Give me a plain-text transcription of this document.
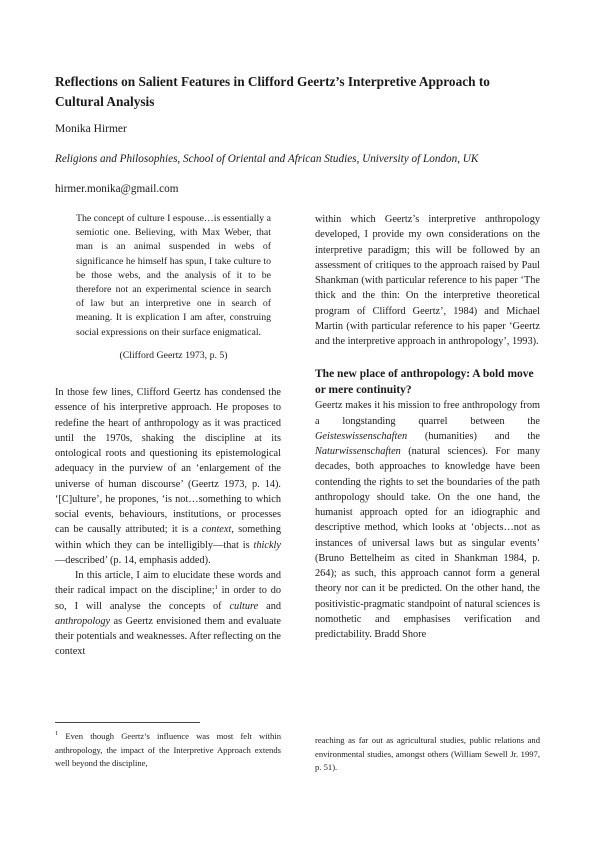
Reflections on Salient Features in Clifford Geertz’s Interpretive Approach to Cultural Analysis
Monika Hirmer
Religions and Philosophies, School of Oriental and African Studies, University of London, UK
hirmer.monika@gmail.com

The concept of culture I espouse…is essentially a semiotic one. Believing, with Max Weber, that man is an animal suspended in webs of significance he himself has spun, I take culture to be those webs, and the analysis of it to be therefore not an experimental science in search of law but an interpretive one in search of meaning. It is explication I am after, construing social expressions on their surface enigmatical.

(Clifford Geertz 1973, p. 5)

In those few lines, Clifford Geertz has condensed the essence of his interpretive approach. He proposes to redefine the heart of anthropology as it was practiced until the 1970s, shaking the discipline at its ontological roots and questioning its epistemological adequacy in the purview of an ‘enlargement of the universe of human discourse’ (Geertz 1973, p. 14). ‘[C]ulture’, he propones, ‘is not…something to which social events, behaviours, institutions, or processes can be causally attributed; it is a context, something within which they can be intelligibly—that is thickly—described’ (p. 14, emphasis added).

In this article, I aim to elucidate these words and their radical impact on the discipline;$^1$ in order to do so, I will analyse the concepts of culture and anthropology as Geertz envisioned them and evaluate their potentials and weaknesses. After reflecting on the context

within which Geertz’s interpretive anthropology developed, I provide my own considerations on the interpretive paradigm; this will be followed by an assessment of critiques to the approach raised by Paul Shankman (with particular reference to his paper ‘The thick and the thin: On the interpretive theoretical program of Clifford Geertz’, 1984) and Michael Martin (with particular reference to his paper ‘Geertz and the interpretive approach in anthropology’, 1993).

The new place of anthropology: A bold move or mere continuity?

Geertz makes it his mission to free anthropology from a longstanding quarrel between the Geisteswissenschaften (humanities) and the Naturwissenschaften (natural sciences). For many decades, both approaches to knowledge have been contending the rights to set the boundaries of the path anthropology should take. On the one hand, the humanist approach opted for an idiographic and descriptive method, which looks at ‘objects…not as instances of universal laws but as singular events’ (Bruno Bettelheim as cited in Shankman 1984, p. 264); as such, this approach cannot form a general theory nor can it be predicted. On the other hand, the positivistic-pragmatic standpoint of natural sciences is nomothetic and emphasises verification and predictability. Bradd Shore

$^1$ Even though Geertz’s influence was most felt within anthropology, the impact of the Interpretive Approach extends well beyond the discipline,
reaching as far out as agricultural studies, public relations and environmental studies, amongst others (William Sewell Jr. 1997, p. 51).
